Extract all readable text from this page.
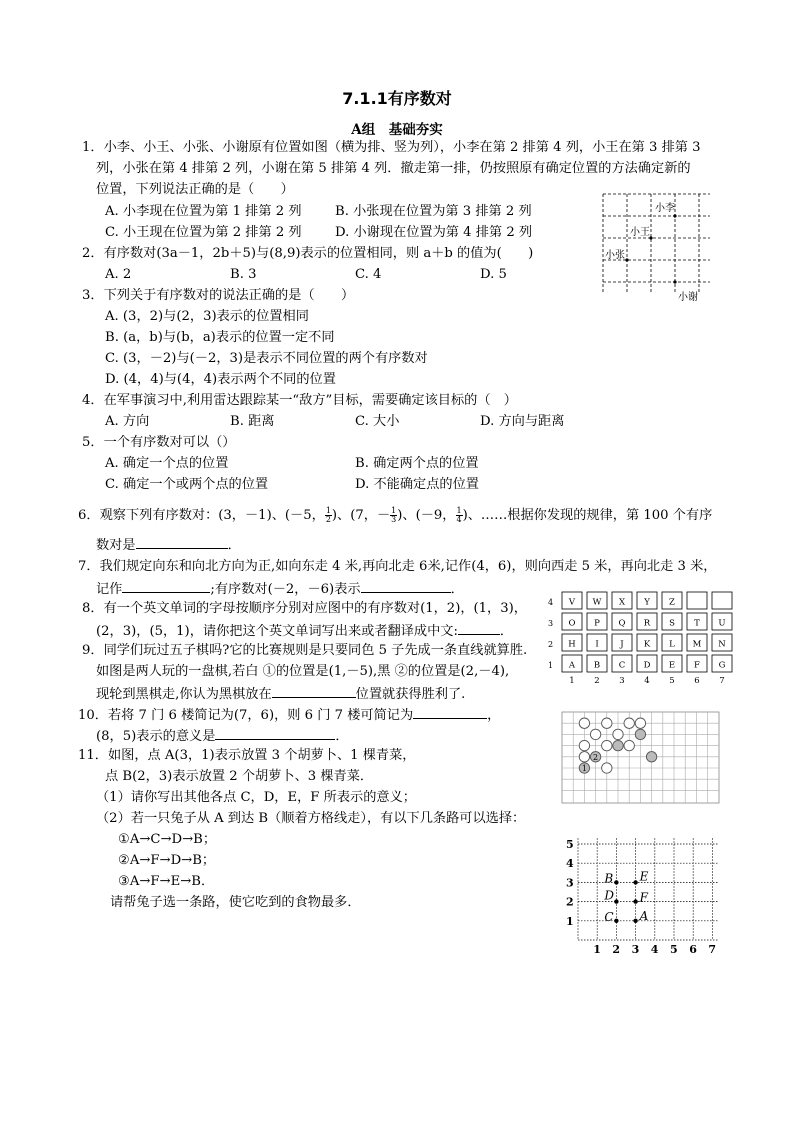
7.1.1有序数对
A组　基础夯实
1．小李、小王、小张、小谢原有位置如图（横为排、竖为列），小李在第 2 排第 4 列，小王在第 3 排第 3
列，小张在第 4 排第 2 列，小谢在第 5 排第 4 列．撤走第一排，仍按照原有确定位置的方法确定新的
位置，下列说法正确的是（　　）
A. 小李现在位置为第 1 排第 2 列	B. 小张现在位置为第 3 排第 2 列
C. 小王现在位置为第 2 排第 2 列	D. 小谢现在位置为第 4 排第 2 列
小李
小王
小张
小谢
2．有序数对(3a－1，2b＋5)与(8,9)表示的位置相同，则 a＋b 的值为(　　)
A. 2	B. 3	C. 4	D. 5
3．下列关于有序数对的说法正确的是（　　）
A. (3，2)与(2，3)表示的位置相同
B. (a，b)与(b，a)表示的位置一定不同
C. (3，－2)与(－2，3)是表示不同位置的两个有序数对
D. (4，4)与(4，4)表示两个不同的位置
4．在军事演习中,利用雷达跟踪某一“敌方”目标，需要确定该目标的（　）
A. 方向	B. 距离	C. 大小	D. 方向与距离
5．一个有序数对可以（）
A. 确定一个点的位置	B. 确定两个点的位置
C. 确定一个或两个点的位置	D. 不能确定点的位置
6．观察下列有序数对：(3，－1)、(－5， $\frac{1}{2}$ )、(7，－ $\frac{1}{3}$ )、(－9， $\frac{1}{4}$ )、……根据你发现的规律，第 100 个有序
数对是	．
7．我们规定向东和向北方向为正,如向东走 4 米,再向北走 6米,记作(4，6)，则向西走 5 米，再向北走 3 米，
记作	;有序数对(－2，－6)表示	．
8．有一个英文单词的字母按顺序分别对应图中的有序数对(1，2)，(1，3)，
(2，3)，(5，1)，请你把这个英文单词写出来或者翻译成中文:	．
4 V W X Y Z
3 O P Q R S T U
2 H I	J K L M N
1 A B C D E F G
1 2 3 4 5 6 7
9．同学们玩过五子棋吗?它的比赛规则是只要同色 5 子先成一条直线就算胜.
如图是两人玩的一盘棋,若白 ①的位置是(1,－5),黑 ②的位置是(2,－4),
现轮到黑棋走,你认为黑棋放在	位置就获得胜利了.
10．若将 7 门 6 楼简记为(7，6)，则 6 门 7 楼可简记为	，
(8，5)表示的意义是	．
1
2
11．如图，点 A(3，1)表示放置 3 个胡萝卜、1 棵青菜，
点 B(2，3)表示放置 2 个胡萝卜、3 棵青菜．
（1）请你写出其他各点 C，D，E，F 所表示的意义；
（2）若一只兔子从 A 到达 B（顺着方格线走），有以下几条路可以选择：
①A→C→D→B；
②A→F→D→B；
③A→F→E→B．
请帮兔子选一条路，使它吃到的食物最多．
5
4
3
2
1
1 2 3 4 5 6 7
A
B
C
D
E
F
